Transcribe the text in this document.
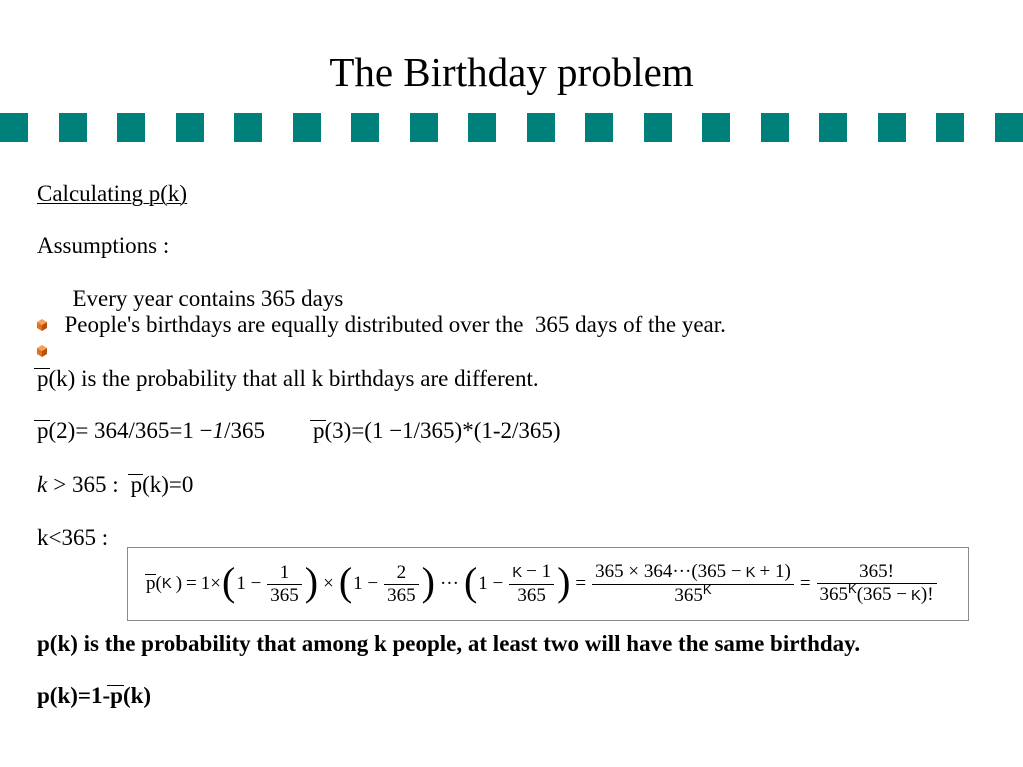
The Birthday problem
Calculating p(k)
Assumptions :

Every year contains 365 days

People's birthdays are equally distributed over the  365 days of the year.

p(k) is the probability that all k birthdays are different.
p(2)= 364/365=1 −1/365 p(3)=(1 −1/365)*(1-2/365)
k > 365 : p(k)=0
k<365 :
p ( K ) = 1× ( $1 - \frac{1}{365}$ ) × ( $1 - \frac{2}{365}$ ) ··· ( $1 - \frac{K - 1}{365}$ ) = $\frac{365 \times 364\cdot\cdot\cdot(365 - K + 1)}{365^K} = \frac{365!}{365^K(365 - K)!}$
p(k) is the probability that among k people, at least two will have the same birthday.
p(k)=1-p(k)
